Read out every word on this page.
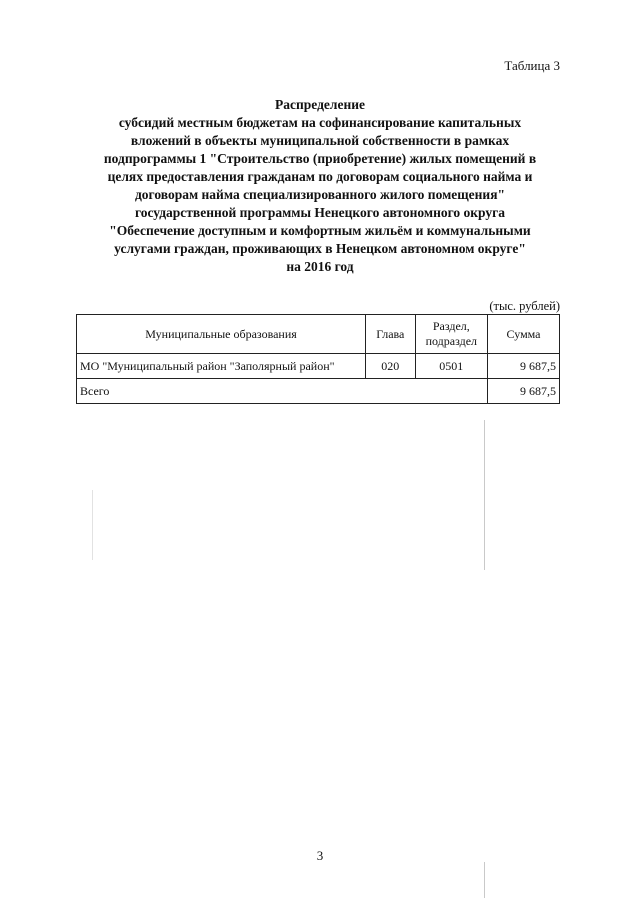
Таблица 3
Распределение
субсидий местным бюджетам на софинансирование капитальных
вложений в объекты муниципальной собственности в рамках
подпрограммы 1 "Строительство (приобретение) жилых помещений в
целях предоставления гражданам по договорам социального найма и
договорам найма специализированного жилого помещения"
государственной программы Ненецкого автономного округа
"Обеспечение доступным и комфортным жильём и коммунальными
услугами граждан, проживающих в Ненецком автономном округе"
на 2016 год
(тыс. рублей)
Муниципальные образования	Глава	Раздел, подраздел	Сумма
МО "Муниципальный район "Заполярный район"	020	0501	9 687,5
Всего			9 687,5
3
